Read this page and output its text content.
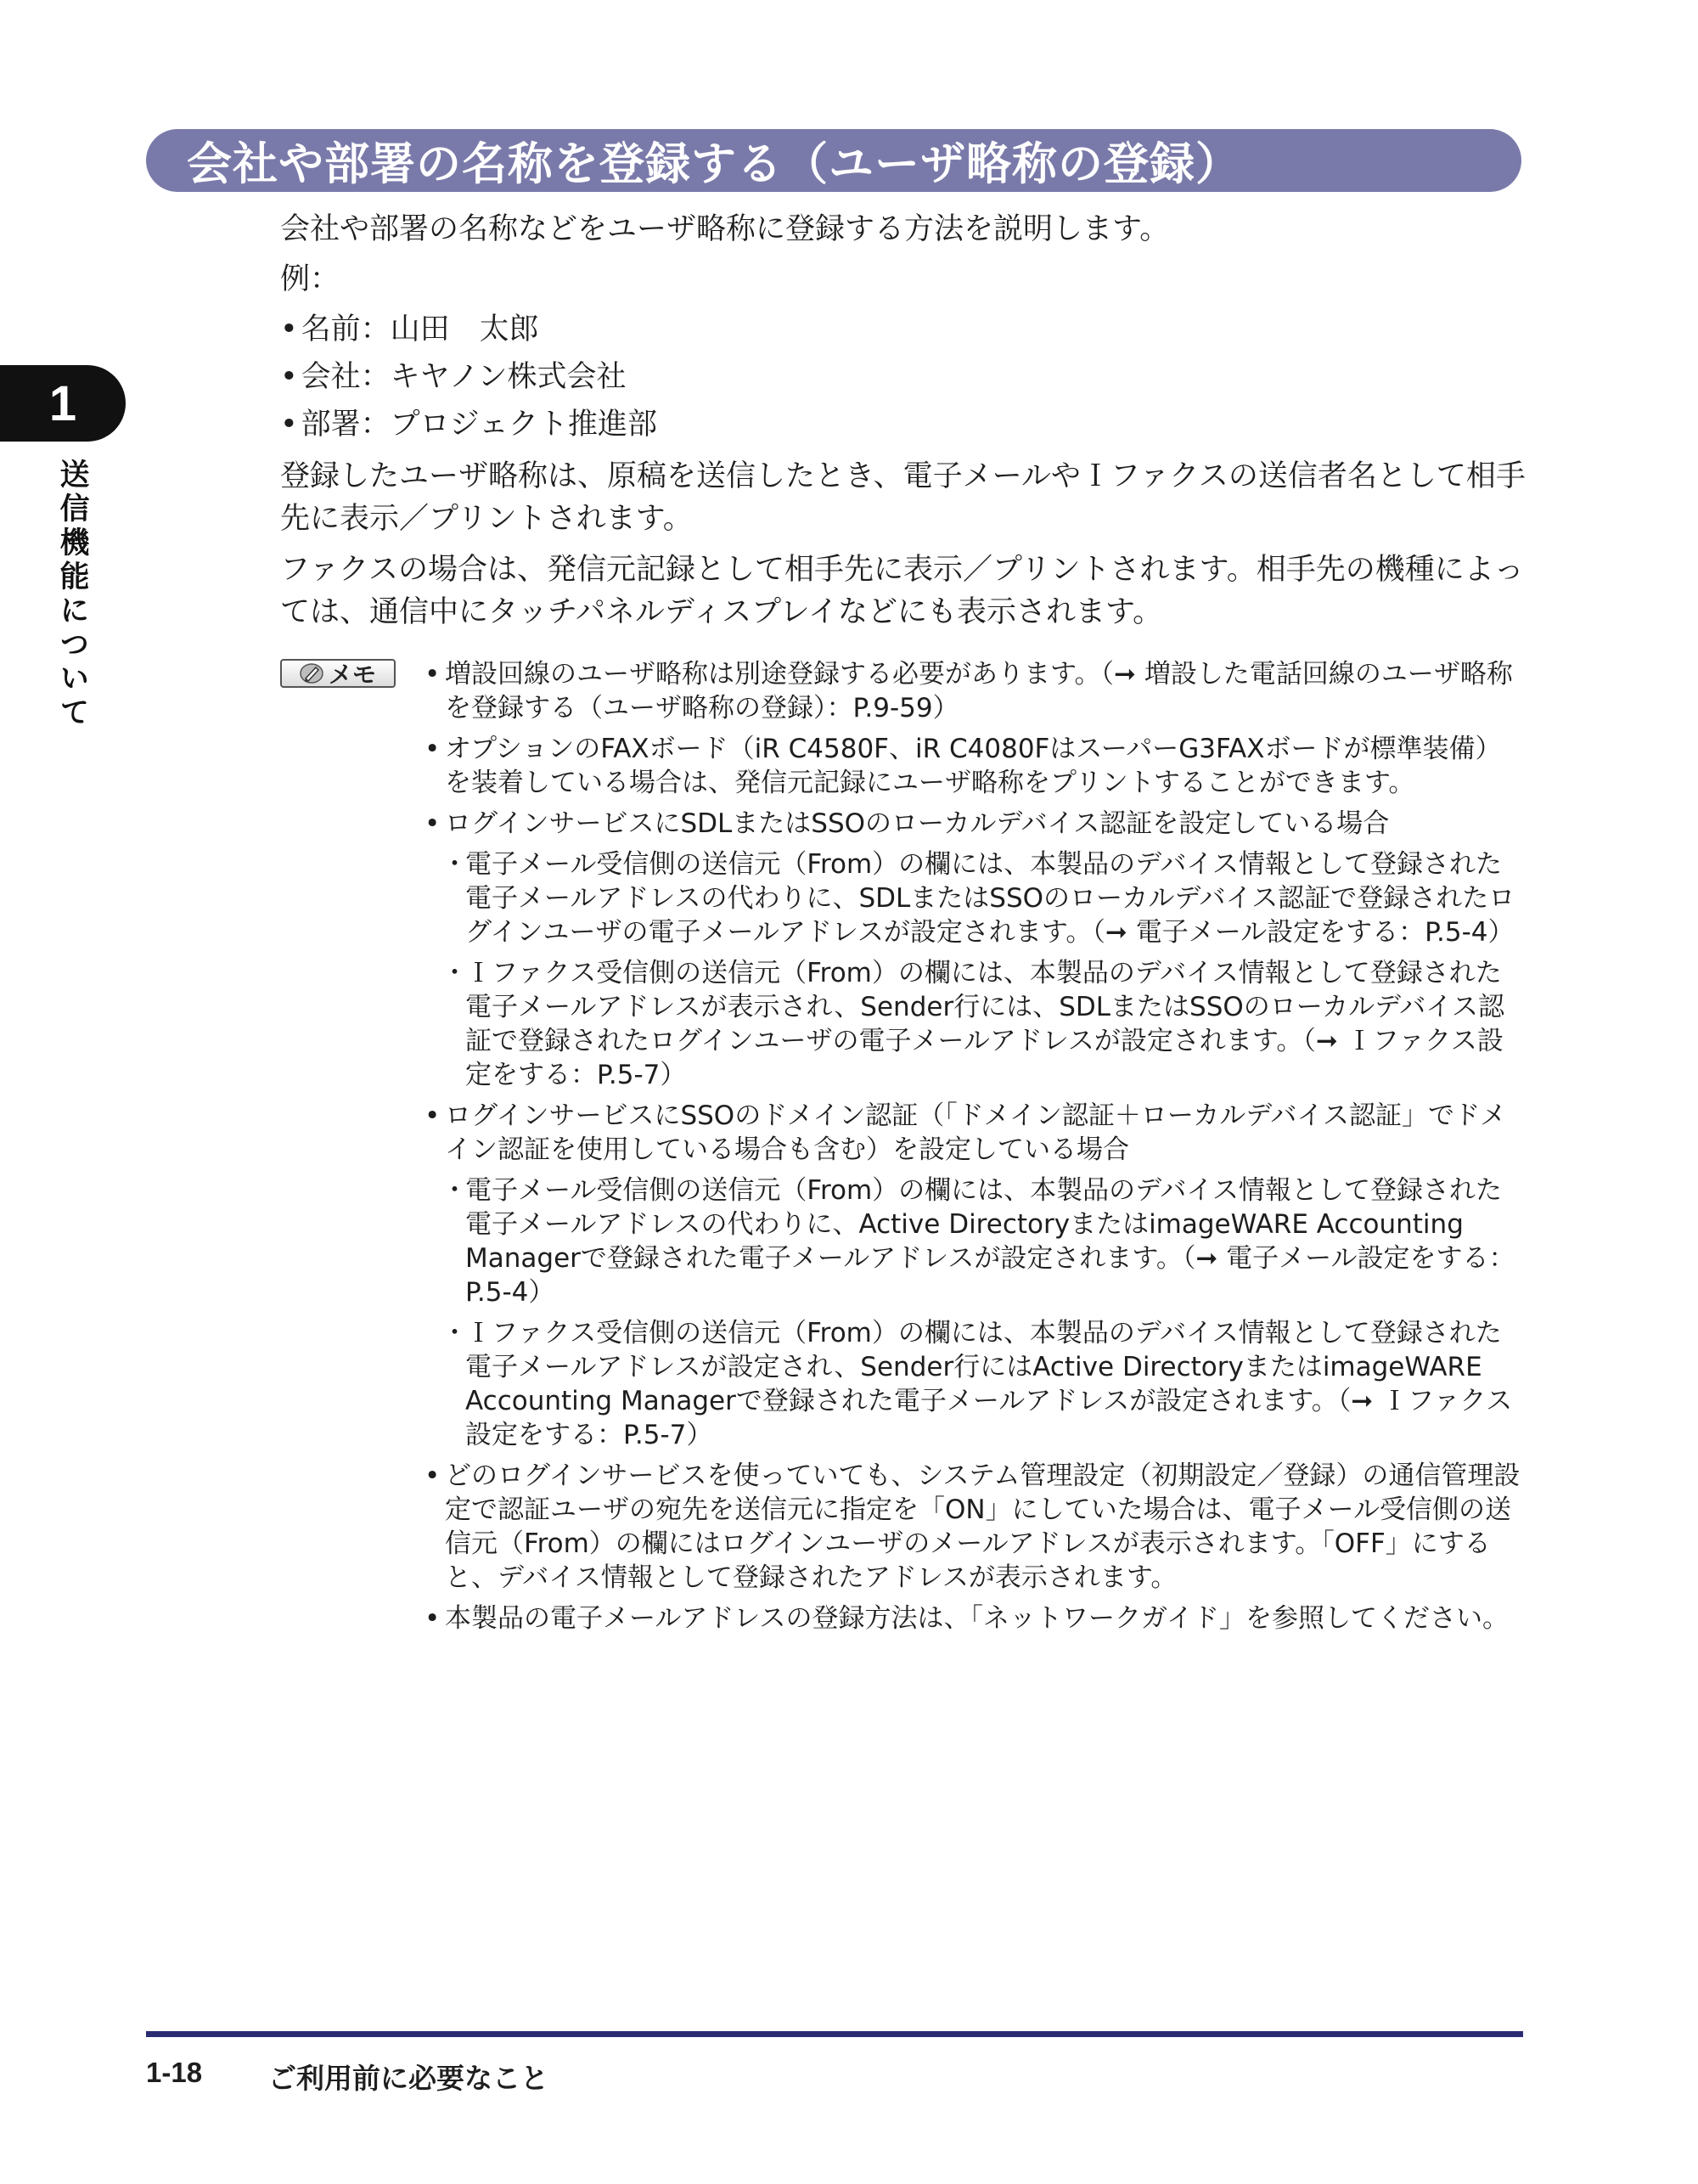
会社や部署の名称を登録する（ユーザ略称の登録）
1
送信機能について
会社や部署の名称などをユーザ略称に登録する方法を説明します。
例：
• 名前：山田　太郎
• 会社：キヤノン株式会社
• 部署：プロジェクト推進部
登録したユーザ略称は、原稿を送信したとき、電子メールやＩファクスの送信者名として相手先に表示／プリントされます。
ファクスの場合は、発信元記録として相手先に表示／プリントされます。相手先の機種によっては、通信中にタッチパネルディスプレイなどにも表示されます。
メモ
•	増設回線のユーザ略称は別途登録する必要があります。（➞ 増設した電話回線のユーザ略称を登録する（ユーザ略称の登録）：P.9-59）
• オプションのFAXボード（iR C4580F、iR C4080FはスーパーG3FAXボードが標準装備）を装着している場合は、発信元記録にユーザ略称をプリントすることができます。
• ログインサービスにSDLまたはSSOのローカルデバイス認証を設定している場合
・ 電子メール受信側の送信元（From）の欄には、本製品のデバイス情報として登録された電子メールアドレスの代わりに、SDLまたはSSOのローカルデバイス認証で登録されたログインユーザの電子メールアドレスが設定されます。（➞ 電子メール設定をする：P.5-4）
・ Ｉファクス受信側の送信元（From）の欄には、本製品のデバイス情報として登録された電子メールアドレスが表示され、Sender行には、SDLまたはSSOのローカルデバイス認証で登録されたログインユーザの電子メールアドレスが設定されます。（➞ Ｉファクス設定をする：P.5-7）
• ログインサービスにSSOのドメイン認証（「ドメイン認証＋ローカルデバイス認証」でドメイン認証を使用している場合も含む）を設定している場合
・ 電子メール受信側の送信元（From）の欄には、本製品のデバイス情報として登録された電子メールアドレスの代わりに、Active DirectoryまたはimageWARE Accounting Managerで登録された電子メールアドレスが設定されます。（➞ 電子メール設定をする：P.5-4）
・ Ｉファクス受信側の送信元（From）の欄には、本製品のデバイス情報として登録された電子メールアドレスが設定され、Sender行にはActive DirectoryまたはimageWARE Accounting Managerで登録された電子メールアドレスが設定されます。（➞ Ｉファクス設定をする：P.5-7）
• どのログインサービスを使っていても、システム管理設定（初期設定／登録）の通信管理設定で認証ユーザの宛先を送信元に指定を「ON」にしていた場合は、電子メール受信側の送信元（From）の欄にはログインユーザのメールアドレスが表示されます。「OFF」にすると、デバイス情報として登録されたアドレスが表示されます。
• 本製品の電子メールアドレスの登録方法は、「ネットワークガイド」を参照してください。
1-18 ご利用前に必要なこと
